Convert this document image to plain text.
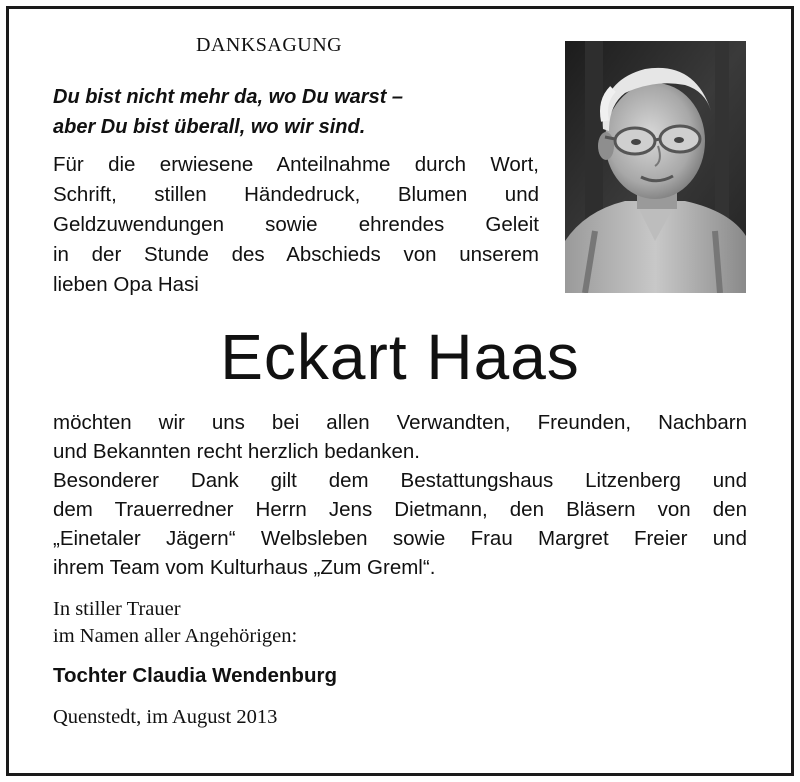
DANKSAGUNG
Du bist nicht mehr da, wo Du warst –
aber Du bist überall, wo wir sind.
Für die erwiesene Anteilnahme durch Wort,
Schrift, stillen Händedruck, Blumen und
Geldzuwendungen sowie ehrendes Geleit
in der Stunde des Abschieds von unserem
lieben Opa Hasi
Eckart Haas
möchten wir uns bei allen Verwandten, Freunden, Nachbarn
und Bekannten recht herzlich bedanken.
Besonderer Dank gilt dem Bestattungshaus Litzenberg und
dem Trauerredner Herrn Jens Dietmann, den Bläsern von den
„Einetaler Jägern“ Welbsleben sowie Frau Margret Freier und
ihrem Team vom Kulturhaus „Zum Greml“.
In stiller Trauer
im Namen aller Angehörigen:
Tochter Claudia Wendenburg
Quenstedt, im August 2013
